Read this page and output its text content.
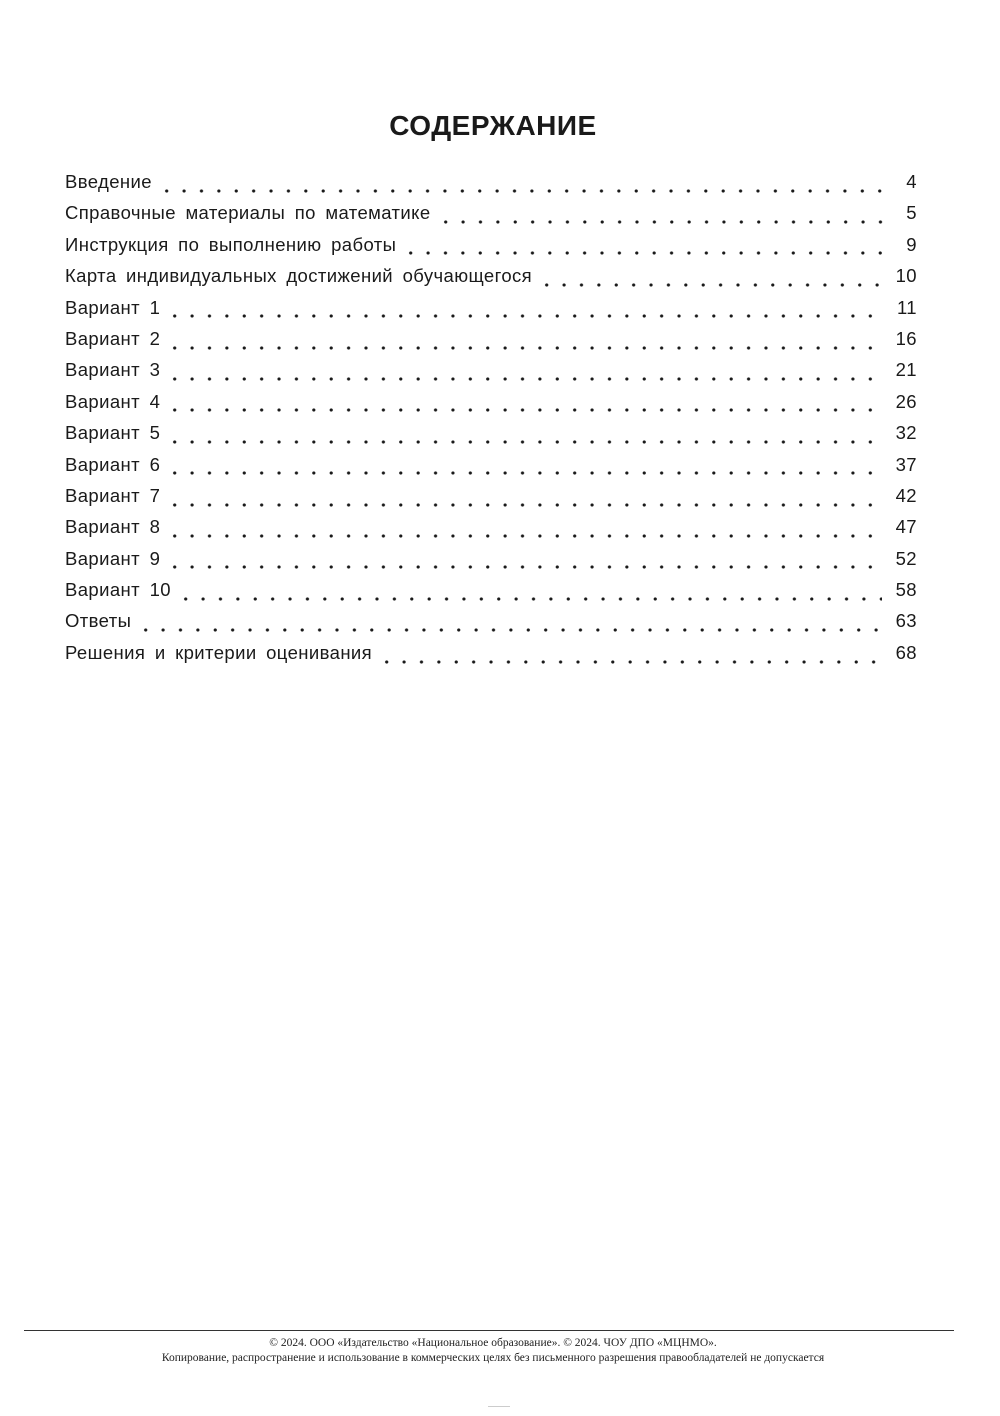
СОДЕРЖАНИЕ
Введение	4
Справочные материалы по математике	5
Инструкция по выполнению работы	9
Карта индивидуальных достижений обучающегося	10
Вариант 1	11
Вариант 2	16
Вариант 3	21
Вариант 4	26
Вариант 5	32
Вариант 6	37
Вариант 7	42
Вариант 8	47
Вариант 9	52
Вариант 10	58
Ответы	63
Решения и критерии оценивания	68
© 2024. ООО «Издательство «Национальное образование». © 2024. ЧОУ ДПО «МЦНМО».
Копирование, распространение и использование в коммерческих целях без письменного разрешения правообладателей не допускается
